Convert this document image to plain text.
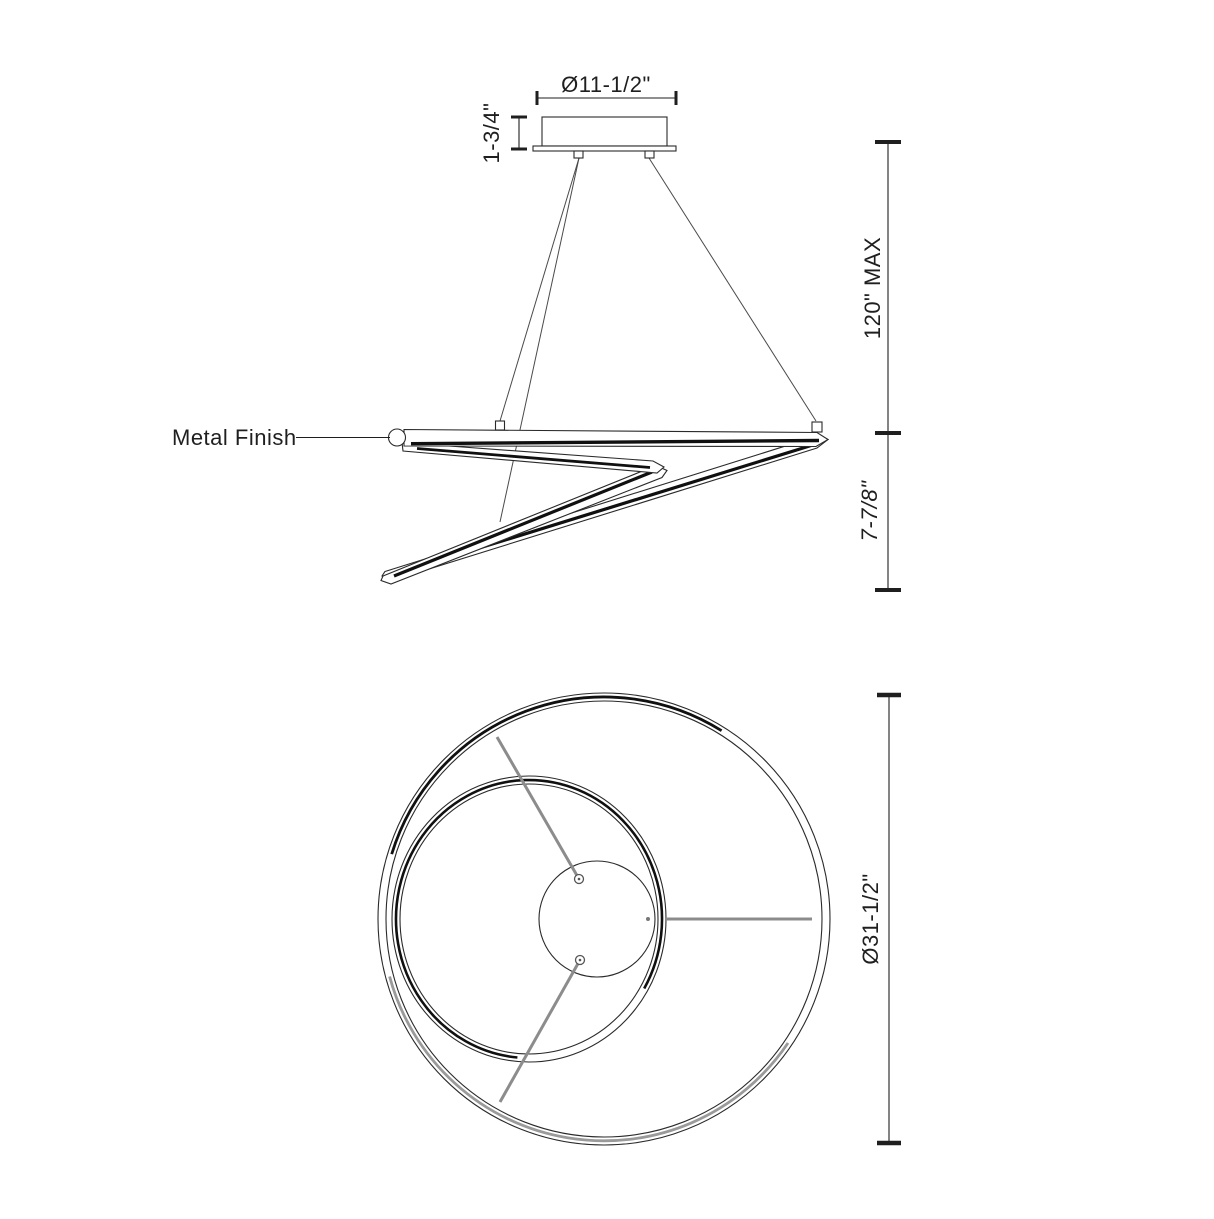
Ø11-1/2"
1-3/4"
120" MAX
7-7/8"
Metal Finish
Ø31-1/2"
